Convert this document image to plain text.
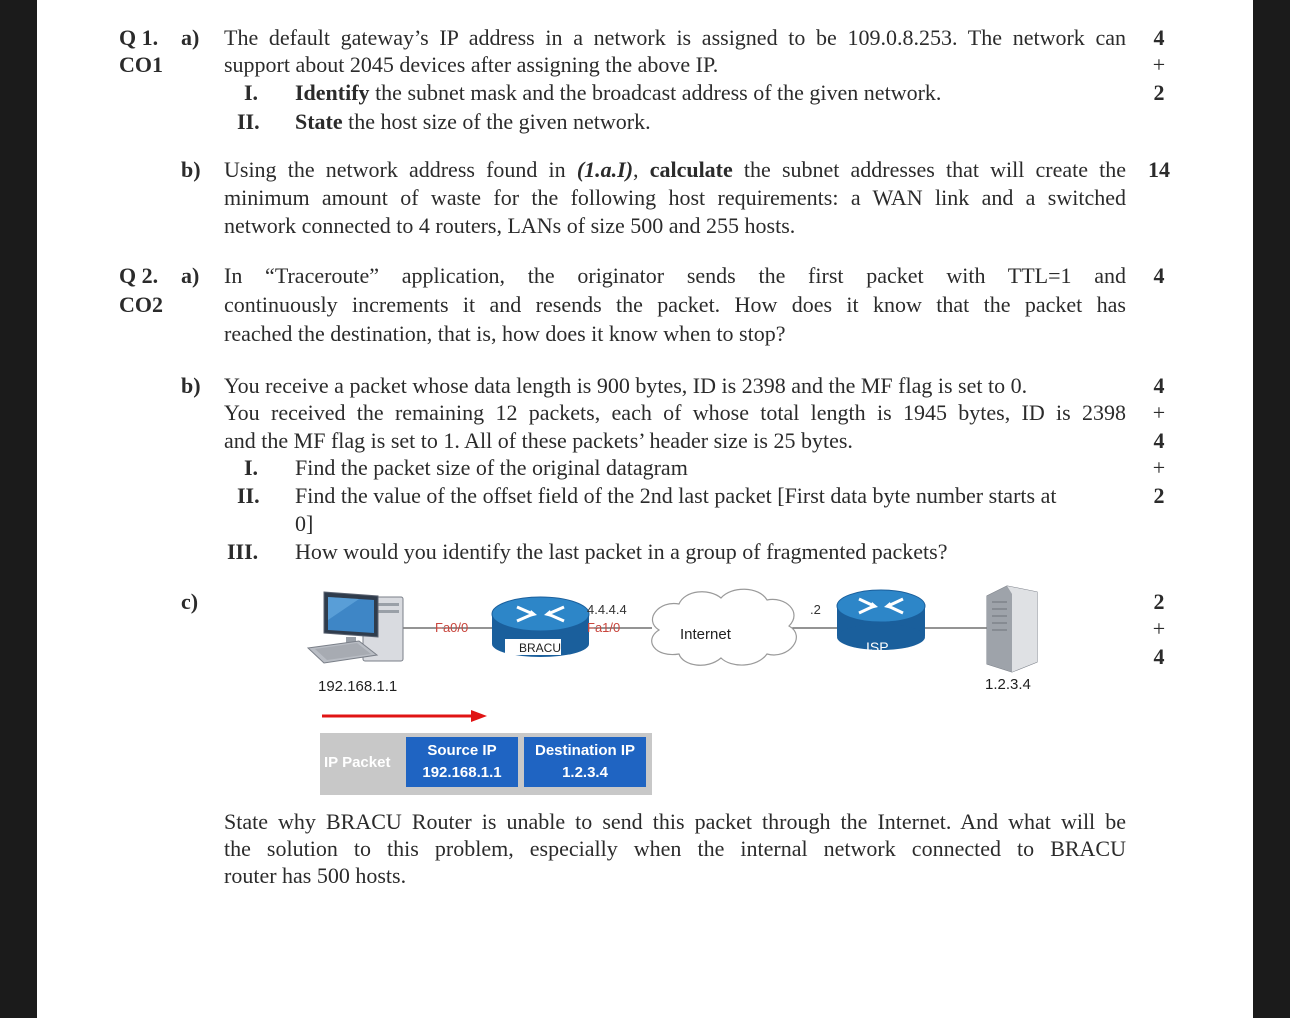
Q 1.
CO1
a) The default gateway’s IP address in a network is assigned to be 109.0.8.253. The network can
support about 2045 devices after assigning the above IP.
I. Identify the subnet mask and the broadcast address of the given network.
II. State the host size of the given network.
4
+
2
b) Using the network address found in (1.a.I), calculate the subnet addresses that will create the
minimum amount of waste for the following host requirements: a WAN link and a switched
network connected to 4 routers, LANs of size 500 and 255 hosts.
14
Q 2.
CO2
a) In “Traceroute” application, the originator sends the first packet with TTL=1 and
continuously increments it and resends the packet. How does it know that the packet has
reached the destination, that is, how does it know when to stop?
4
b) You receive a packet whose data length is 900 bytes, ID is 2398 and the MF flag is set to 0.
You received the remaining 12 packets, each of whose total length is 1945 bytes, ID is 2398
and the MF flag is set to 1. All of these packets’ header size is 25 bytes.
I. Find the packet size of the original datagram
II. Find the value of the offset field of the 2nd last packet [First data byte number starts at
0]
III. How would you identify the last packet in a group of fragmented packets?
4
+
4
+
2
c)	2
+
4
Fa0/0
BRACU
4.4.4.4
Fa1/0	Internet
.2
ISP
192.168.1.1	1.2.3.4
IP Packet
Source IP
192.168.1.1
Destination IP
1.2.3.4
State why BRACU Router is unable to send this packet through the Internet. And what will be
the solution to this problem, especially when the internal network connected to BRACU
router has 500 hosts.
